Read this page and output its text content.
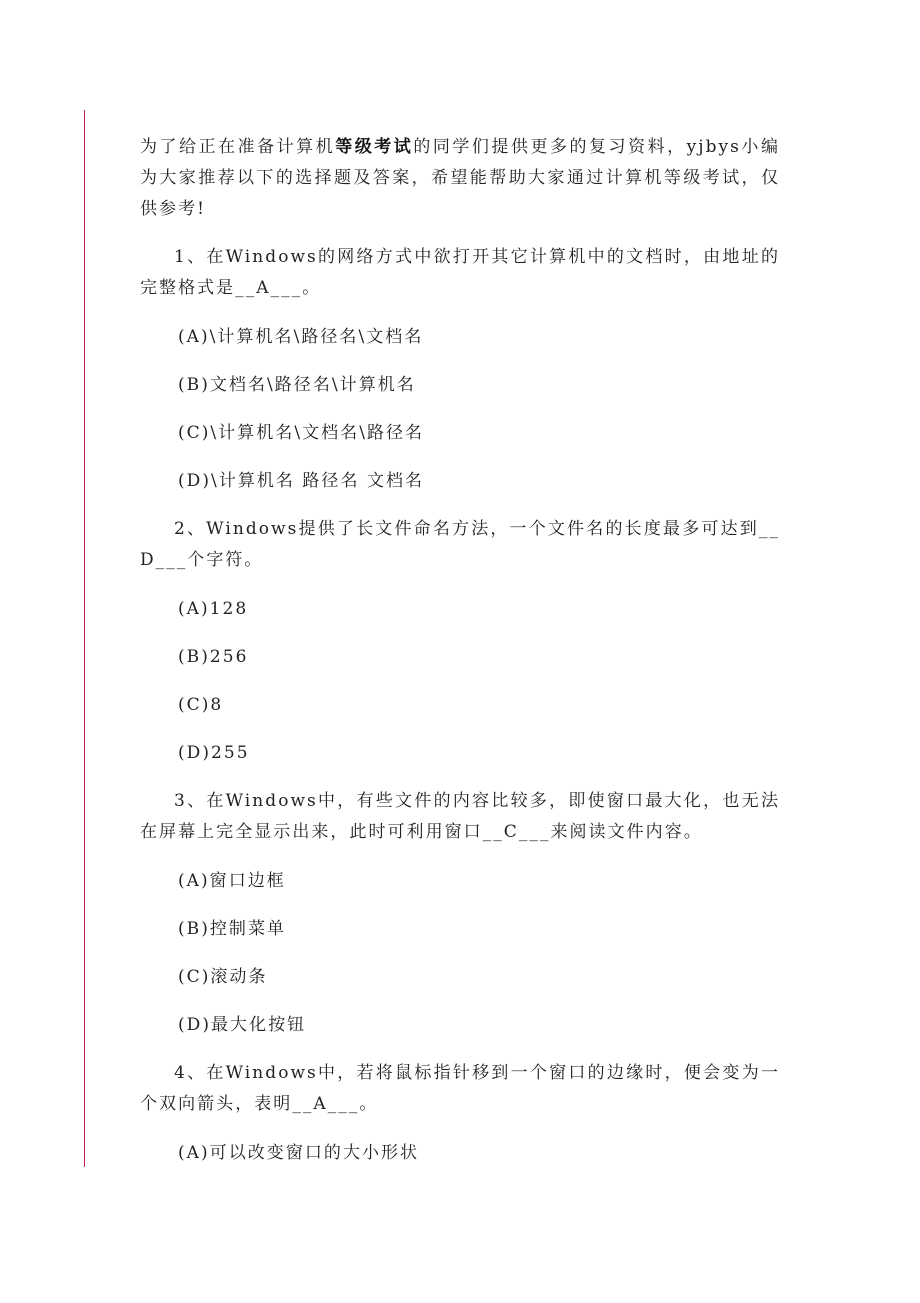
为了给正在准备计算机等级考试的同学们提供更多的复习资料，yjbys小编为大家推荐以下的选择题及答案，希望能帮助大家通过计算机等级考试，仅供参考!

1、在Windows的网络方式中欲打开其它计算机中的文档时，由地址的完整格式是__A___。

(A)\计算机名\路径名\文档名

(B)文档名\路径名\计算机名

(C)\计算机名\文档名\路径名

(D)\计算机名 路径名 文档名

2、Windows提供了长文件命名方法，一个文件名的长度最多可达到__D___个字符。

(A)128

(B)256

(C)8

(D)255

3、在Windows中，有些文件的内容比较多，即使窗口最大化，也无法在屏幕上完全显示出来，此时可利用窗口__C___来阅读文件内容。

(A)窗口边框

(B)控制菜单

(C)滚动条

(D)最大化按钮

4、在Windows中，若将鼠标指针移到一个窗口的边缘时，便会变为一个双向箭头，表明__A___。

(A)可以改变窗口的大小形状
